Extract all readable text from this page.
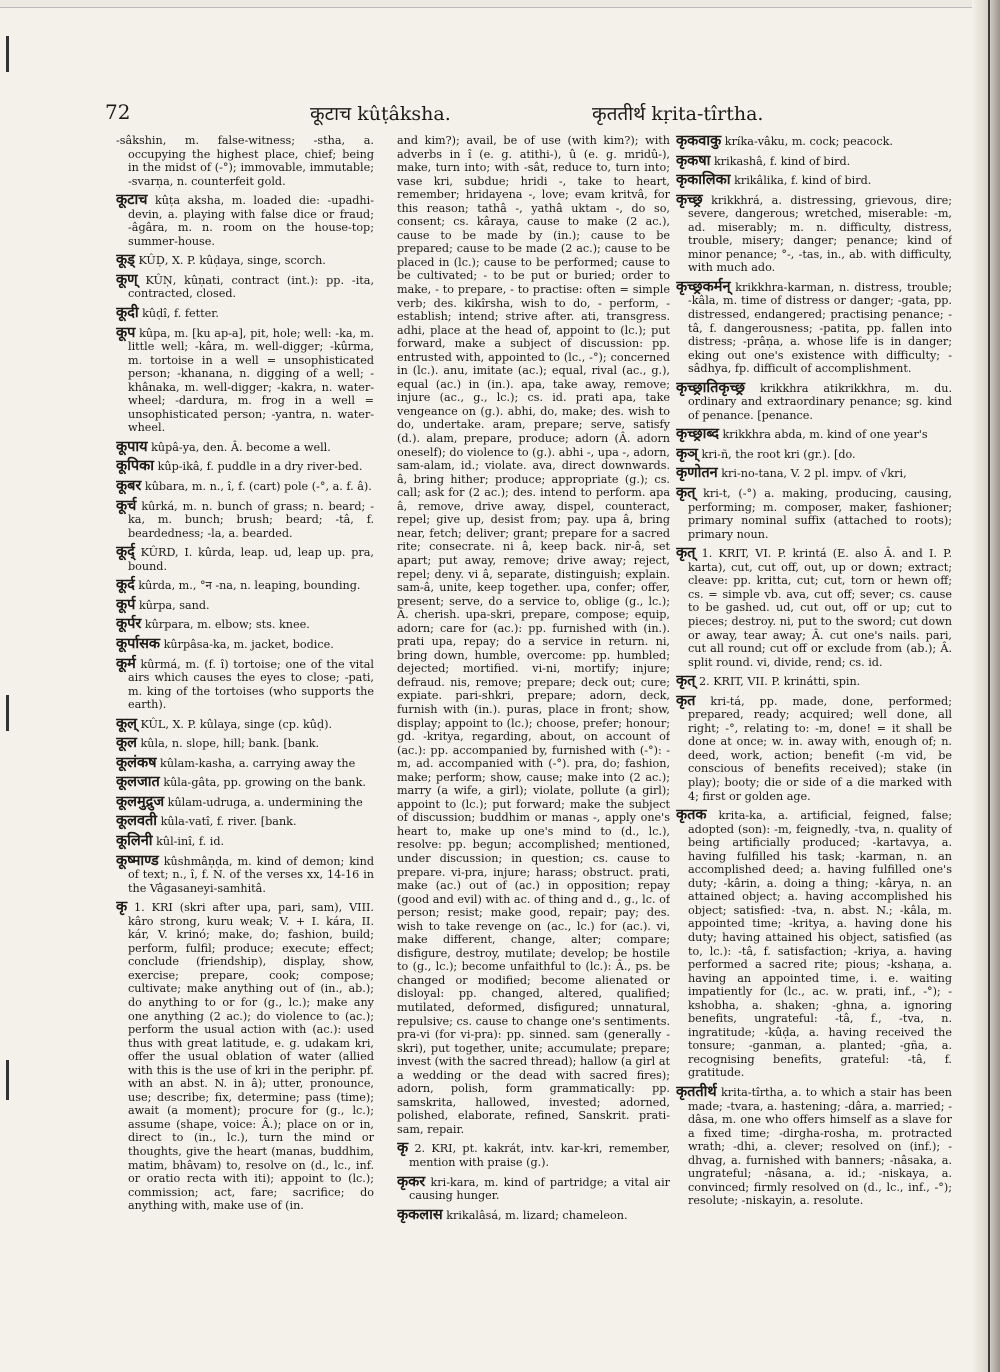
72	कूटाच kûṭâksha.	कृततीर्थ kṛita-tîrtha.

-sâkshin, m. false-witness; -stha, a. occupying the highest place, chief; being in the midst of (-°); immovable, immutable; -svarṇa, n. counterfeit gold.

कूटाच kûṭa aksha, m. loaded die: -upadhi-devin, a. playing with false dice or fraud; -âgâra, m. n. room on the house-top; summer-house.

कूड् KÛḌ, X. P. kûḍaya, singe, scorch.

कूण् KÛṆ, kûṇati, contract (int.): pp. -ita, contracted, closed.

कूदी kûḍî, f. fetter.

कूप kûpa, m. [ku ap-a], pit, hole; well: -ka, m. little well; -kâra, m. well-digger; -kûrma, m. tortoise in a well = unsophisticated person; -khanana, n. digging of a well; -khânaka, m. well-digger; -kakra, n. water-wheel; -dardura, m. frog in a well = unsophisticated person; -yantra, n. water-wheel.

कूपाय kûpâ-ya, den. Â. become a well.

कूपिका kûp-ikâ, f. puddle in a dry river-bed.

कूबर kûbara, m. n., î, f. (cart) pole (-°, a. f. â).

कूर्च kûrká, m. n. bunch of grass; n. beard; -ka, m. bunch; brush; beard; -tâ, f. beardedness; -la, a. bearded.

कूर्द् KÛRD, I. kûrda, leap. ud, leap up. pra, bound.

कूर्द kûrda, m., °न -na, n. leaping, bounding.

कूर्प kûrpa, sand.

कूर्पर kûrpara, m. elbow; sts. knee.

कूर्पासक kûrpâsa-ka, m. jacket, bodice.

कूर्म kûrmá, m. (f. î) tortoise; one of the vital airs which causes the eyes to close; -pati, m. king of the tortoises (who supports the earth).

कूल् KÛL, X. P. kûlaya, singe (cp. kûḍ).

कूल kûla, n. slope, hill; bank. [bank.

कूलंकष kûlam-kasha, a. carrying away the

कूलजात kûla-gâta, pp. growing on the bank.

कूलमुद्रुज kûlam-udruga, a. undermining the

कूलवती kûla-vatî, f. river. [bank.

कूलिनी kûl-inî, f. id.

कूष्माण्ड kûshmâṇḍa, m. kind of demon; kind of text; n., î, f. N. of the verses xx, 14-16 in the Vâgasaneyi-samhitâ.

कृ 1. KRI (skri after upa, pari, sam), VIII. kâro strong, kuru weak; V. + I. kára, II. kár, V. krinó; make, do; fashion, build; perform, fulfil; produce; execute; effect; conclude (friendship), display, show, exercise; prepare, cook; compose; cultivate; make anything out of (in., ab.); do anything to or for (g., lc.); make any one anything (2 ac.); do violence to (ac.); perform the usual action with (ac.): used thus with great latitude, e. g. udakam kri, offer the usual oblation of water (allied with this is the use of kri in the periphr. pf. with an abst. N. in â); utter, pronounce, use; describe; fix, determine; pass (time); await (a moment); procure for (g., lc.); assume (shape, voice: Â.); place on or in, direct to (in., lc.), turn the mind or thoughts, give the heart (manas, buddhim, matim, bhâvam) to, resolve on (d., lc., inf. or oratio recta with iti); appoint to (lc.); commission; act, fare; sacrifice; do anything with, make use of (in.

and kim?); avail, be of use (with kim?); with adverbs in î (e. g. atithi-), û (e. g. mridû-), make, turn into; with -sât, reduce to, turn into; vase kri, subdue; hridi -, take to heart, remember; hridayena -, love; evam kritvâ, for this reason; tathâ -, yathâ uktam -, do so, consent; cs. kâraya, cause to make (2 ac.), cause to be made by (in.); cause to be prepared; cause to be made (2 ac.); cause to be placed in (lc.); cause to be performed; cause to be cultivated; - to be put or buried; order to make, - to prepare, - to practise: often = simple verb; des. kikîrsha, wish to do, - perform, - establish; intend; strive after. ati, transgress. adhi, place at the head of, appoint to (lc.); put forward, make a subject of discussion: pp. entrusted with, appointed to (lc., -°); concerned in (lc.). anu, imitate (ac.); equal, rival (ac., g.), equal (ac.) in (in.). apa, take away, remove; injure (ac., g., lc.); cs. id. prati apa, take vengeance on (g.). abhi, do, make; des. wish to do, undertake. aram, prepare; serve, satisfy (d.). alam, prepare, produce; adorn (Â. adorn oneself); do violence to (g.). abhi -, upa -, adorn, sam-alam, id.; violate. ava, direct downwards. â, bring hither; produce; appropriate (g.); cs. call; ask for (2 ac.); des. intend to perform. apa â, remove, drive away, dispel, counteract, repel; give up, desist from; pay. upa â, bring near, fetch; deliver; grant; prepare for a sacred rite; consecrate. ni â, keep back. nir-â, set apart; put away, remove; drive away; reject, repel; deny. vi â, separate, distinguish; explain. sam-â, unite, keep together. upa, confer; offer, present; serve, do a service to, oblige (g., lc.); Â. cherish. upa-skri, prepare, compose; equip, adorn; care for (ac.): pp. furnished with (in.). prati upa, repay; do a service in return. ni, bring down, humble, overcome: pp. humbled; dejected; mortified. vi-ni, mortify; injure; defraud. nis, remove; prepare; deck out; cure; expiate. pari-shkri, prepare; adorn, deck, furnish with (in.). puras, place in front; show, display; appoint to (lc.); choose, prefer; honour; gd. -kritya, regarding, about, on account of (ac.): pp. accompanied by, furnished with (-°): -m, ad. accompanied with (-°). pra, do; fashion, make; perform; show, cause; make into (2 ac.); marry (a wife, a girl); violate, pollute (a girl); appoint to (lc.); put forward; make the subject of discussion; buddhim or manas -, apply one's heart to, make up one's mind to (d., lc.), resolve: pp. begun; accomplished; mentioned, under discussion; in question; cs. cause to prepare. vi-pra, injure; harass; obstruct. prati, make (ac.) out of (ac.) in opposition; repay (good and evil) with ac. of thing and d., g., lc. of person; resist; make good, repair; pay; des. wish to take revenge on (ac., lc.) for (ac.). vi, make different, change, alter; compare; disfigure, destroy, mutilate; develop; be hostile to (g., lc.); become unfaithful to (lc.): Â., ps. be changed or modified; become alienated or disloyal: pp. changed, altered, qualified; mutilated, deformed, disfigured; unnatural, repulsive; cs. cause to change one's sentiments. pra-vi (for vi-pra): pp. sinned. sam (generally -skri), put together, unite; accumulate; prepare; invest (with the sacred thread); hallow (a girl at a wedding or the dead with sacred fires); adorn, polish, form grammatically: pp. samskrita, hallowed, invested; adorned, polished, elaborate, refined, Sanskrit. prati-sam, repair.

कृ 2. KRI, pt. kakrát, intv. kar-kri, remember, mention with praise (g.).

कृकर kri-kara, m. kind of partridge; a vital air causing hunger.

कृकलास krikalâsá, m. lizard; chameleon.

कृकवाकु kríka-vâku, m. cock; peacock.

कृकषा krikashâ, f. kind of bird.

कृकालिका krikâlika, f. kind of bird.

कृच्छ्र krikkhrá, a. distressing, grievous, dire; severe, dangerous; wretched, miserable: -m, ad. miserably; m. n. difficulty, distress, trouble, misery; danger; penance; kind of minor penance; °-, -tas, in., ab. with difficulty, with much ado.

कृच्छ्रकर्मन् krikkhra-karman, n. distress, trouble; -kâla, m. time of distress or danger; -gata, pp. distressed, endangered; practising penance; -tâ, f. dangerousness; -patita, pp. fallen into distress; -prâṇa, a. whose life is in danger; eking out one's existence with difficulty; -sâdhya, fp. difficult of accomplishment.

कृच्छ्रातिकृच्छ्र krikkhra atikrikkhra, m. du. ordinary and extraordinary penance; sg. kind of penance. [penance.

कृच्छ्राब्द krikkhra abda, m. kind of one year's

कृञ् kri-ñ, the root kri (gr.). [do.

कृणोतन kri-no-tana, V. 2 pl. impv. of √kri,

कृत् kri-t, (-°) a. making, producing, causing, performing; m. composer, maker, fashioner; primary nominal suffix (attached to roots); primary noun.

कृत् 1. KRIT, VI. P. krintá (E. also Â. and I. P. karta), cut, cut off, out, up or down; extract; cleave: pp. kritta, cut; cut, torn or hewn off; cs. = simple vb. ava, cut off; sever; cs. cause to be gashed. ud, cut out, off or up; cut to pieces; destroy. ni, put to the sword; cut down or away, tear away; Â. cut one's nails. pari, cut all round; cut off or exclude from (ab.); Â. split round. vi, divide, rend; cs. id.

कृत् 2. KRIT, VII. P. krinátti, spin.

कृत kri-tá, pp. made, done, performed; prepared, ready; acquired; well done, all right; -°, relating to: -m, done! = it shall be done at once; w. in. away with, enough of; n. deed, work, action; benefit (-m vid, be conscious of benefits received); stake (in play); booty; die or side of a die marked with 4; first or golden age.

कृतक krita-ka, a. artificial, feigned, false; adopted (son): -m, feignedly, -tva, n. quality of being artificially produced; -kartavya, a. having fulfilled his task; -karman, n. an accomplished deed; a. having fulfilled one's duty; -kârin, a. doing a thing; -kârya, n. an attained object; a. having accomplished his object; satisfied: -tva, n. abst. N.; -kâla, m. appointed time; -kritya, a. having done his duty; having attained his object, satisfied (as to, lc.): -tâ, f. satisfaction; -kriya, a. having performed a sacred rite; pious; -kshaṇa, a. having an appointed time, i. e. waiting impatiently for (lc., ac. w. prati, inf., -°); -kshobha, a. shaken; -ghna, a. ignoring benefits, ungrateful: -tâ, f., -tva, n. ingratitude; -kûḍa, a. having received the tonsure; -ganman, a. planted; -gña, a. recognising benefits, grateful: -tâ, f. gratitude.

कृततीर्थ krita-tîrtha, a. to which a stair has been made; -tvara, a. hastening; -dâra, a. married; -dâsa, m. one who offers himself as a slave for a fixed time; -dirgha-rosha, m. protracted wrath; -dhi, a. clever; resolved on (inf.); -dhvag, a. furnished with banners; -nâsaka, a. ungrateful; -nâsana, a. id.; -niskaya, a. convinced; firmly resolved on (d., lc., inf., -°); resolute; -niskayin, a. resolute.
